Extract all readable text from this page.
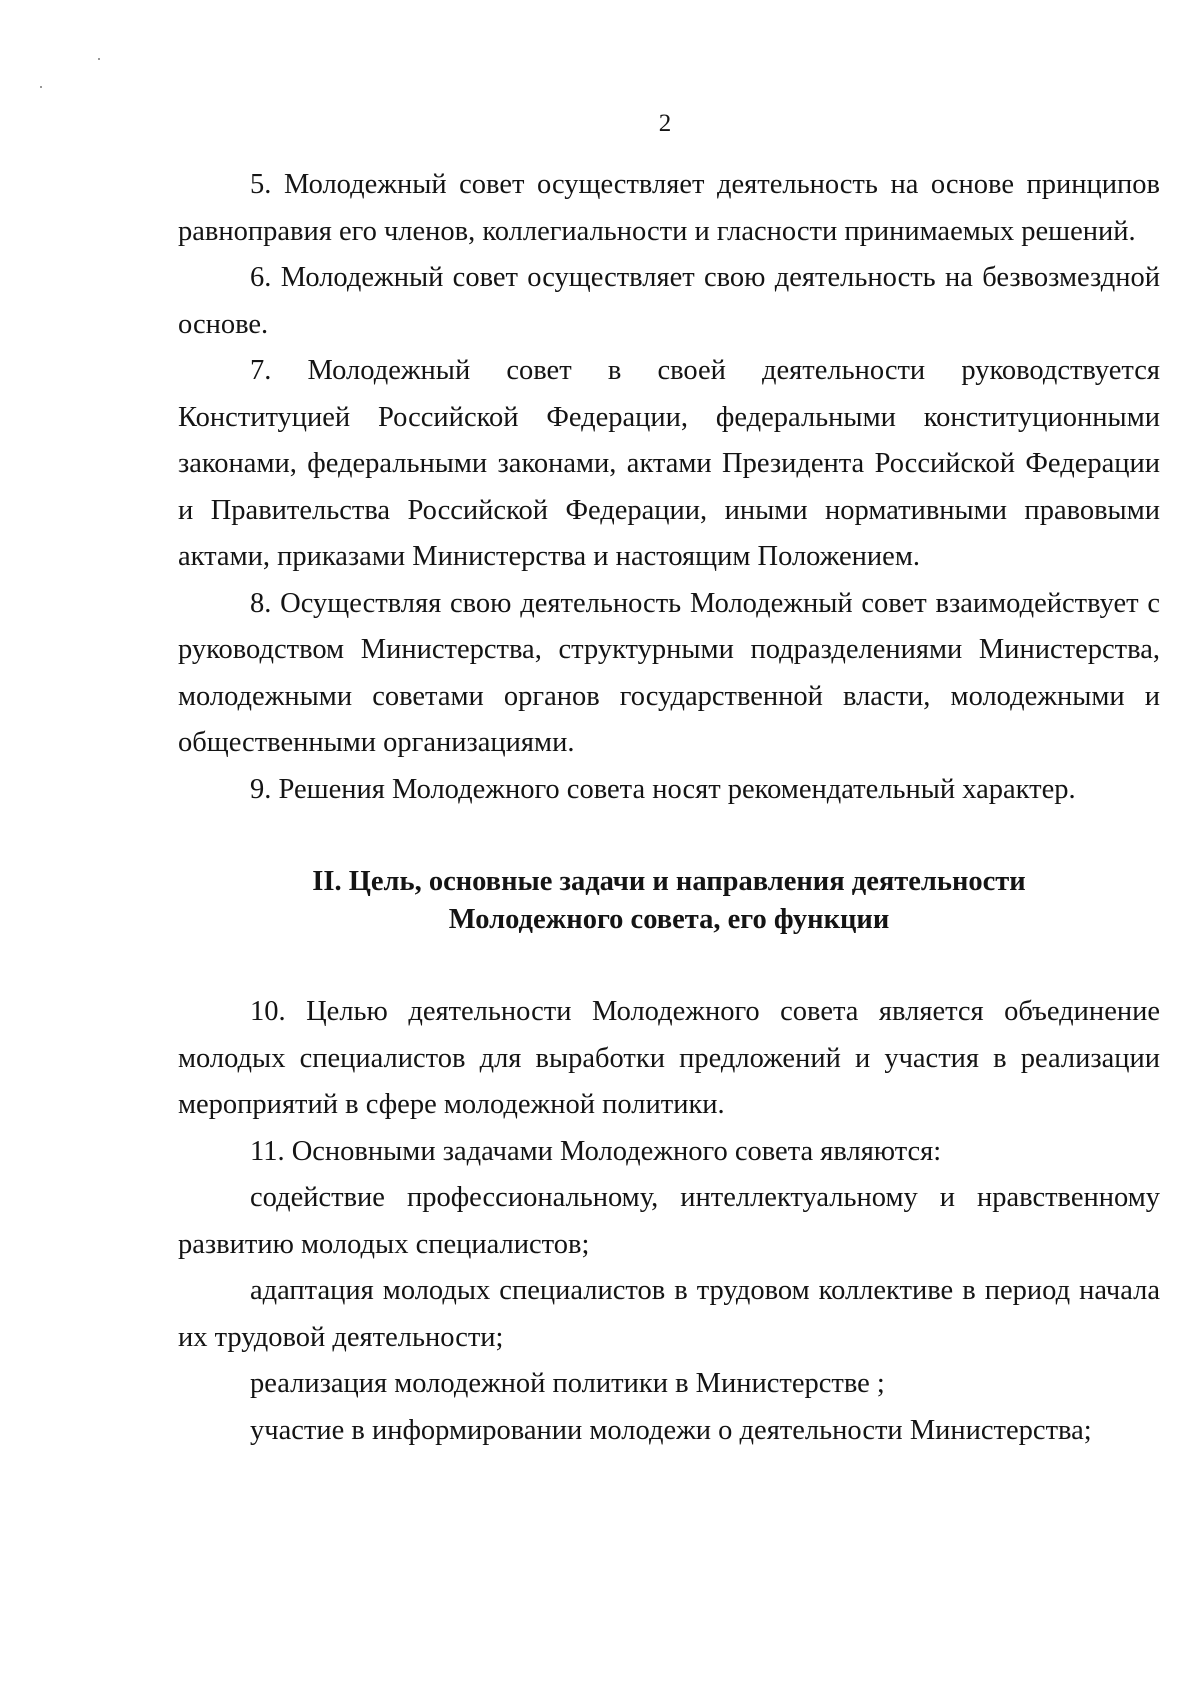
2

5. Молодежный совет осуществляет деятельность на основе принципов равноправия его членов, коллегиальности и гласности принимаемых решений.

6. Молодежный совет осуществляет свою деятельность на безвозмездной основе.

7. Молодежный совет в своей деятельности руководствуется Конституцией Российской Федерации, федеральными конституционными законами, федеральными законами, актами Президента Российской Федерации и Правительства Российской Федерации, иными нормативными правовыми актами, приказами Министерства и настоящим Положением.

8. Осуществляя свою деятельность Молодежный совет взаимодействует с руководством Министерства, структурными подразделениями Министерства, молодежными советами органов государственной власти, молодежными и общественными организациями.

9. Решения Молодежного совета носят рекомендательный характер.

II. Цель, основные задачи и направления деятельности
Молодежного совета, его функции

10. Целью деятельности Молодежного совета является объединение молодых специалистов для выработки предложений и участия в реализации мероприятий в сфере молодежной политики.

11. Основными задачами Молодежного совета являются:

содействие профессиональному, интеллектуальному и нравственному развитию молодых специалистов;

адаптация молодых специалистов в трудовом коллективе в период начала их трудовой деятельности;

реализация молодежной политики в Министерстве ;

участие в информировании молодежи о деятельности Министерства;
